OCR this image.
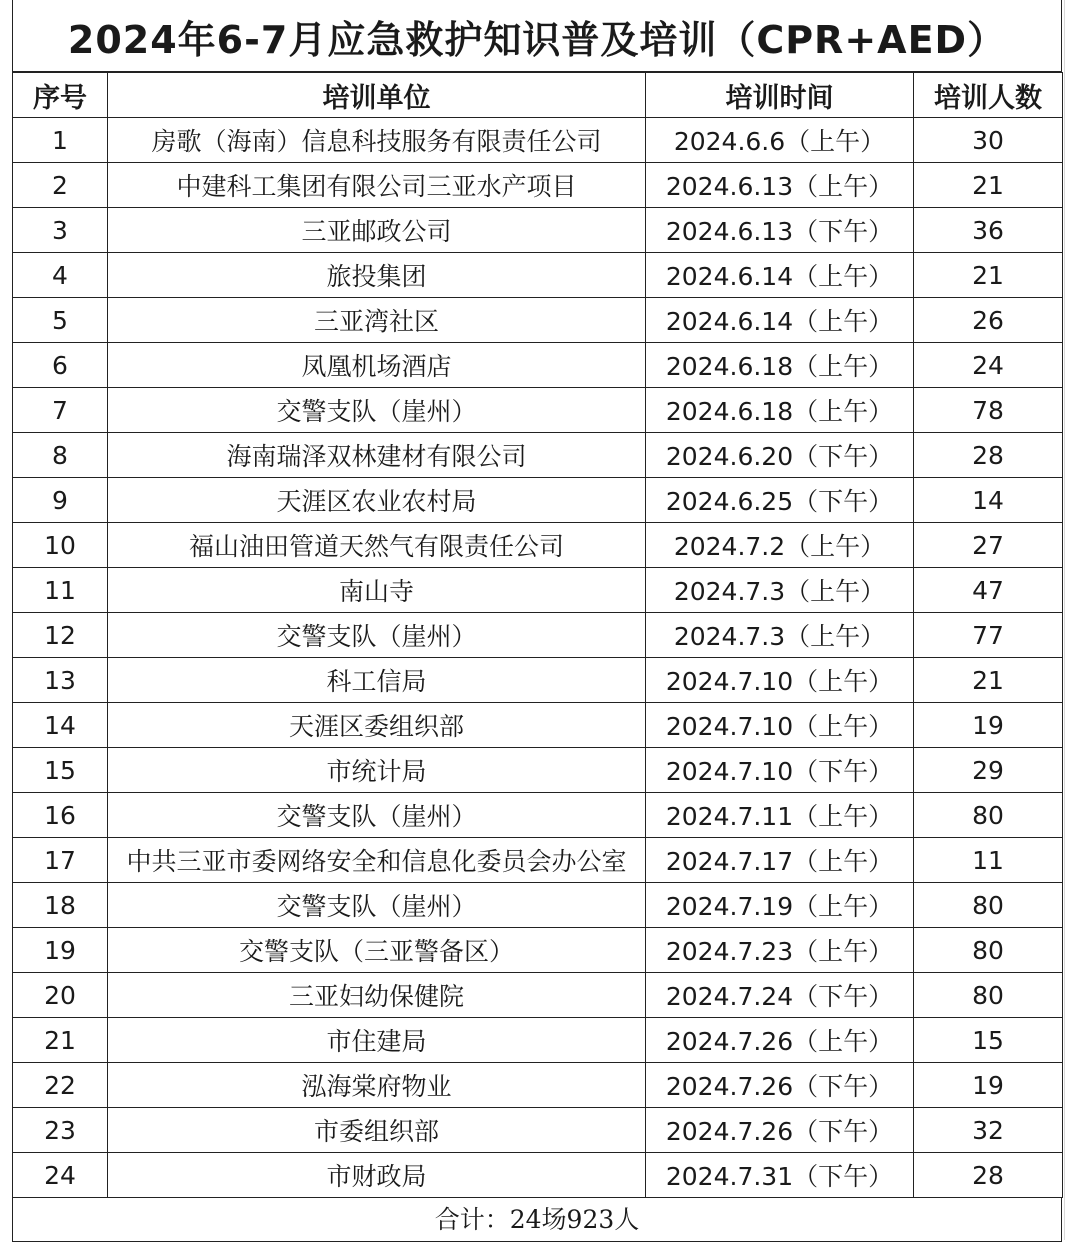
2024年6-7月应急救护知识普及培训（CPR+AED）
序号	培训单位	培训时间	培训人数
1	房歌（海南）信息科技服务有限责任公司	2024.6.6（上午）	30
2	中建科工集团有限公司三亚水产项目	2024.6.13（上午）	21
3	三亚邮政公司	2024.6.13（下午）	36
4	旅投集团	2024.6.14（上午）	21
5	三亚湾社区	2024.6.14（上午）	26
6	凤凰机场酒店	2024.6.18（上午）	24
7	交警支队（崖州）	2024.6.18（上午）	78
8	海南瑞泽双林建材有限公司	2024.6.20（下午）	28
9	天涯区农业农村局	2024.6.25（下午）	14
10	福山油田管道天然气有限责任公司	2024.7.2（上午）	27
11	南山寺	2024.7.3（上午）	47
12	交警支队（崖州）	2024.7.3（上午）	77
13	科工信局	2024.7.10（上午）	21
14	天涯区委组织部	2024.7.10（上午）	19
15	市统计局	2024.7.10（下午）	29
16	交警支队（崖州）	2024.7.11（上午）	80
17	中共三亚市委网络安全和信息化委员会办公室	2024.7.17（上午）	11
18	交警支队（崖州）	2024.7.19（上午）	80
19	交警支队（三亚警备区）	2024.7.23（上午）	80
20	三亚妇幼保健院	2024.7.24（下午）	80
21	市住建局	2024.7.26（上午）	15
22	泓海棠府物业	2024.7.26（下午）	19
23	市委组织部	2024.7.26（下午）	32
24	市财政局	2024.7.31（下午）	28
合计：24场923人
